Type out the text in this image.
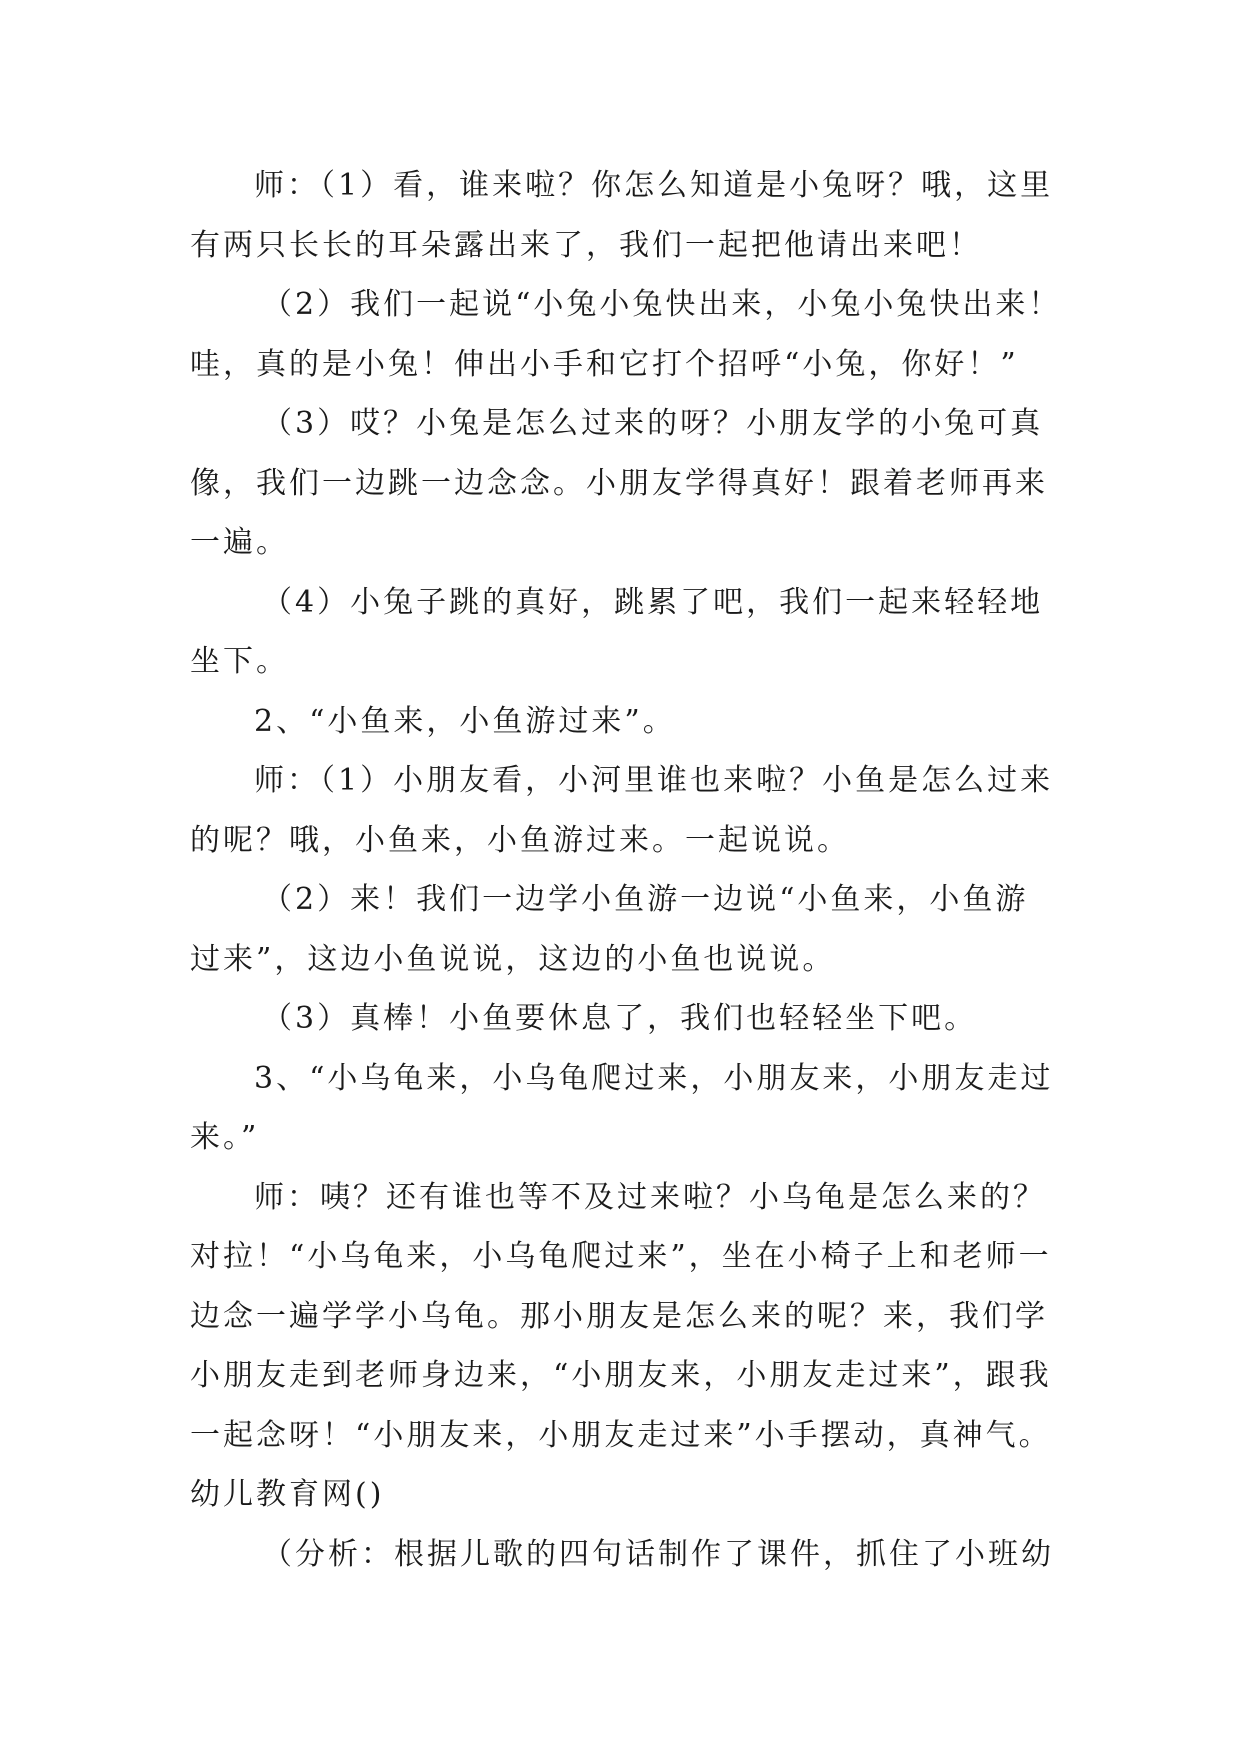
师：（1）看，谁来啦？你怎么知道是小兔呀？哦，这里
有两只长长的耳朵露出来了，我们一起把他请出来吧！
（2）我们一起说“小兔小兔快出来，小兔小兔快出来！
哇，真的是小兔！伸出小手和它打个招呼“小兔，你好！”
（3）哎？小兔是怎么过来的呀？小朋友学的小兔可真
像，我们一边跳一边念念。小朋友学得真好！跟着老师再来
一遍。
（4）小兔子跳的真好，跳累了吧，我们一起来轻轻地
坐下。
2、“小鱼来，小鱼游过来”。
师：（1）小朋友看，小河里谁也来啦？小鱼是怎么过来
的呢？哦，小鱼来，小鱼游过来。一起说说。
（2）来！我们一边学小鱼游一边说“小鱼来，小鱼游
过来”，这边小鱼说说，这边的小鱼也说说。
（3）真棒！小鱼要休息了，我们也轻轻坐下吧。
3、“小乌龟来，小乌龟爬过来，小朋友来，小朋友走过
来。”
师：咦？还有谁也等不及过来啦？小乌龟是怎么来的？
对拉！“小乌龟来，小乌龟爬过来”，坐在小椅子上和老师一
边念一遍学学小乌龟。那小朋友是怎么来的呢？来，我们学
小朋友走到老师身边来，“小朋友来，小朋友走过来”，跟我
一起念呀！“小朋友来，小朋友走过来”小手摆动，真神气。
幼儿教育网()
（分析：根据儿歌的四句话制作了课件，抓住了小班幼
